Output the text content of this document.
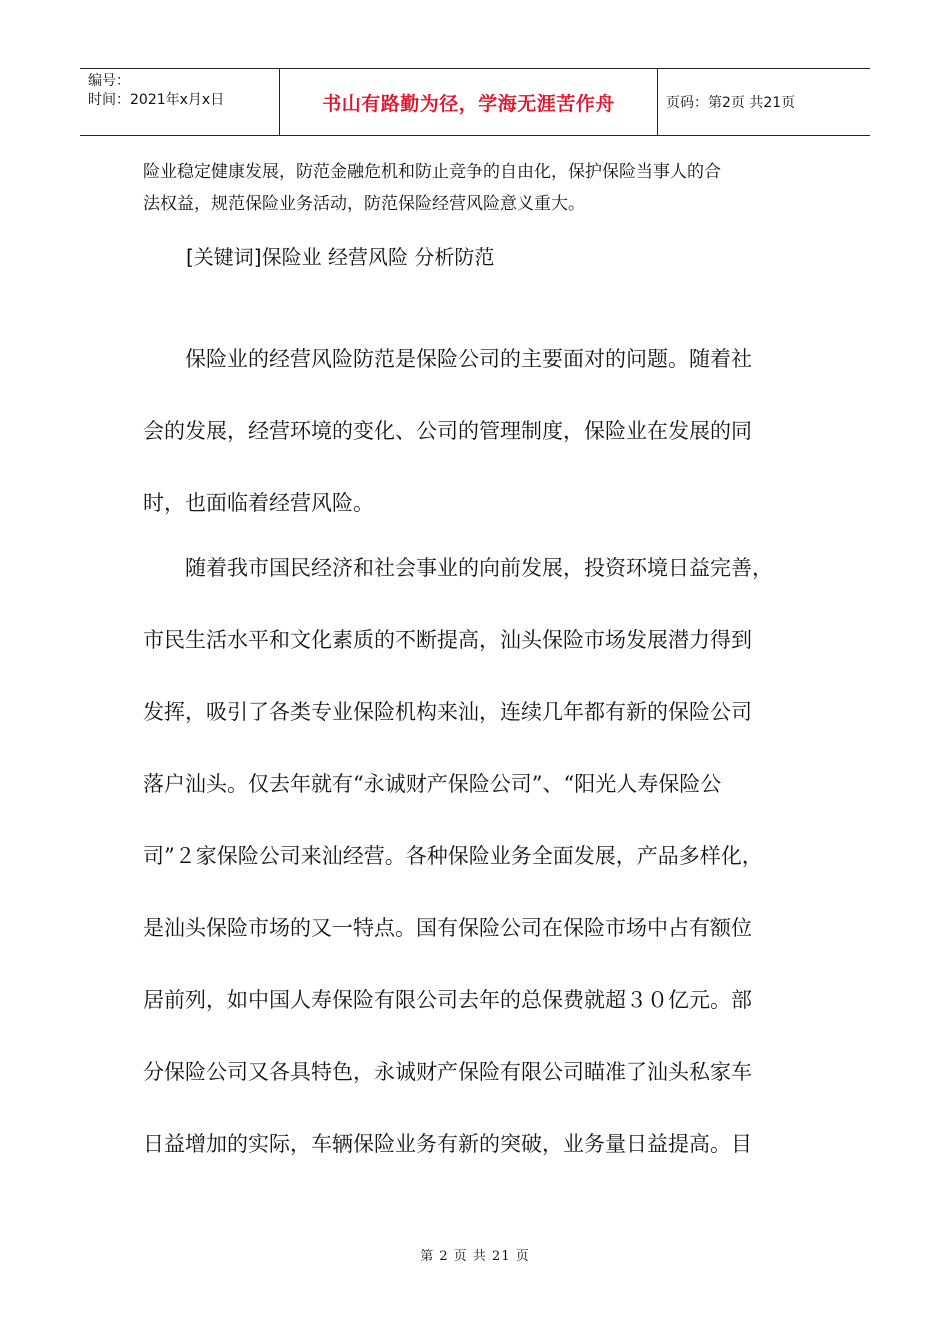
编号：
时间：2021年x月x日	书山有路勤为径，学海无涯苦作舟	页码：第2页 共21页
险业稳定健康发展，防范金融危机和防止竞争的自由化，保护保险当事人的合
法权益，规范保险业务活动，防范保险经营风险意义重大。
[关键词]保险业 经营风险 分析防范
　　保险业的经营风险防范是保险公司的主要面对的问题。随着社
会的发展，经营环境的变化、公司的管理制度，保险业在发展的同
时，也面临着经营风险。
　　随着我市国民经济和社会事业的向前发展，投资环境日益完善，
市民生活水平和文化素质的不断提高，汕头保险市场发展潜力得到
发挥，吸引了各类专业保险机构来汕，连续几年都有新的保险公司
落户汕头。仅去年就有“永诚财产保险公司”、“阳光人寿保险公
司”２家保险公司来汕经营。各种保险业务全面发展，产品多样化，
是汕头保险市场的又一特点。国有保险公司在保险市场中占有额位
居前列，如中国人寿保险有限公司去年的总保费就超３０亿元。部
分保险公司又各具特色，永诚财产保险有限公司瞄准了汕头私家车
日益增加的实际，车辆保险业务有新的突破，业务量日益提高。目
第 2 页 共 21 页
